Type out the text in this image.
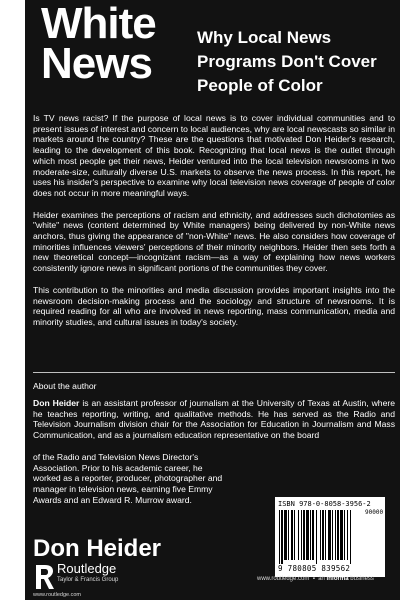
White
News
Why Local News
Programs Don't Cover
People of Color

Is TV news racist? If the purpose of local news is to cover individual communities and to present issues of interest and concern to local audiences, why are local newscasts so similar in markets around the country? These are the questions that motivated Don Heider's research, leading to the development of this book. Recognizing that local news is the outlet through which most people get their news, Heider ventured into the local television newsrooms in two moderate-size, culturally diverse U.S. markets to observe the news process. In this report, he uses his insider's perspective to examine why local television news coverage of people of color does not occur in more meaningful ways.

Heider examines the perceptions of racism and ethnicity, and addresses such dichotomies as "white" news (content determined by White managers) being delivered by non-White news anchors, thus giving the appearance of "non-White" news. He also considers how coverage of minorities influences viewers' perceptions of their minority neighbors. Heider then sets forth a new theoretical concept—incognizant racism—as a way of explaining how news workers consistently ignore news in significant portions of the communities they cover.

This contribution to the minorities and media discussion provides important insights into the newsroom decision-making process and the sociology and structure of newsrooms. It is required reading for all who are involved in news reporting, mass communication, media and minority studies, and cultural issues in today's society.

About the author
Don Heider is an assistant professor of journalism at the University of Texas at Austin, where he teaches reporting, writing, and qualitative methods. He has served as the Radio and Television Journalism division chair for the Association for Education in Journalism and Mass Communication, and as a journalism education representative on the board
of the Radio and Television News Director's Association. Prior to his academic career, he worked as a reporter, producer, photographer and manager in television news, earning five Emmy Awards and an Edward R. Murrow award.
Don Heider
Routledge
Taylor & Francis Group
www.routledge.com
ISBN 978-0-8058-3956-2
90000
9 780805 839562
www.routledge.com ▪ an informa business
